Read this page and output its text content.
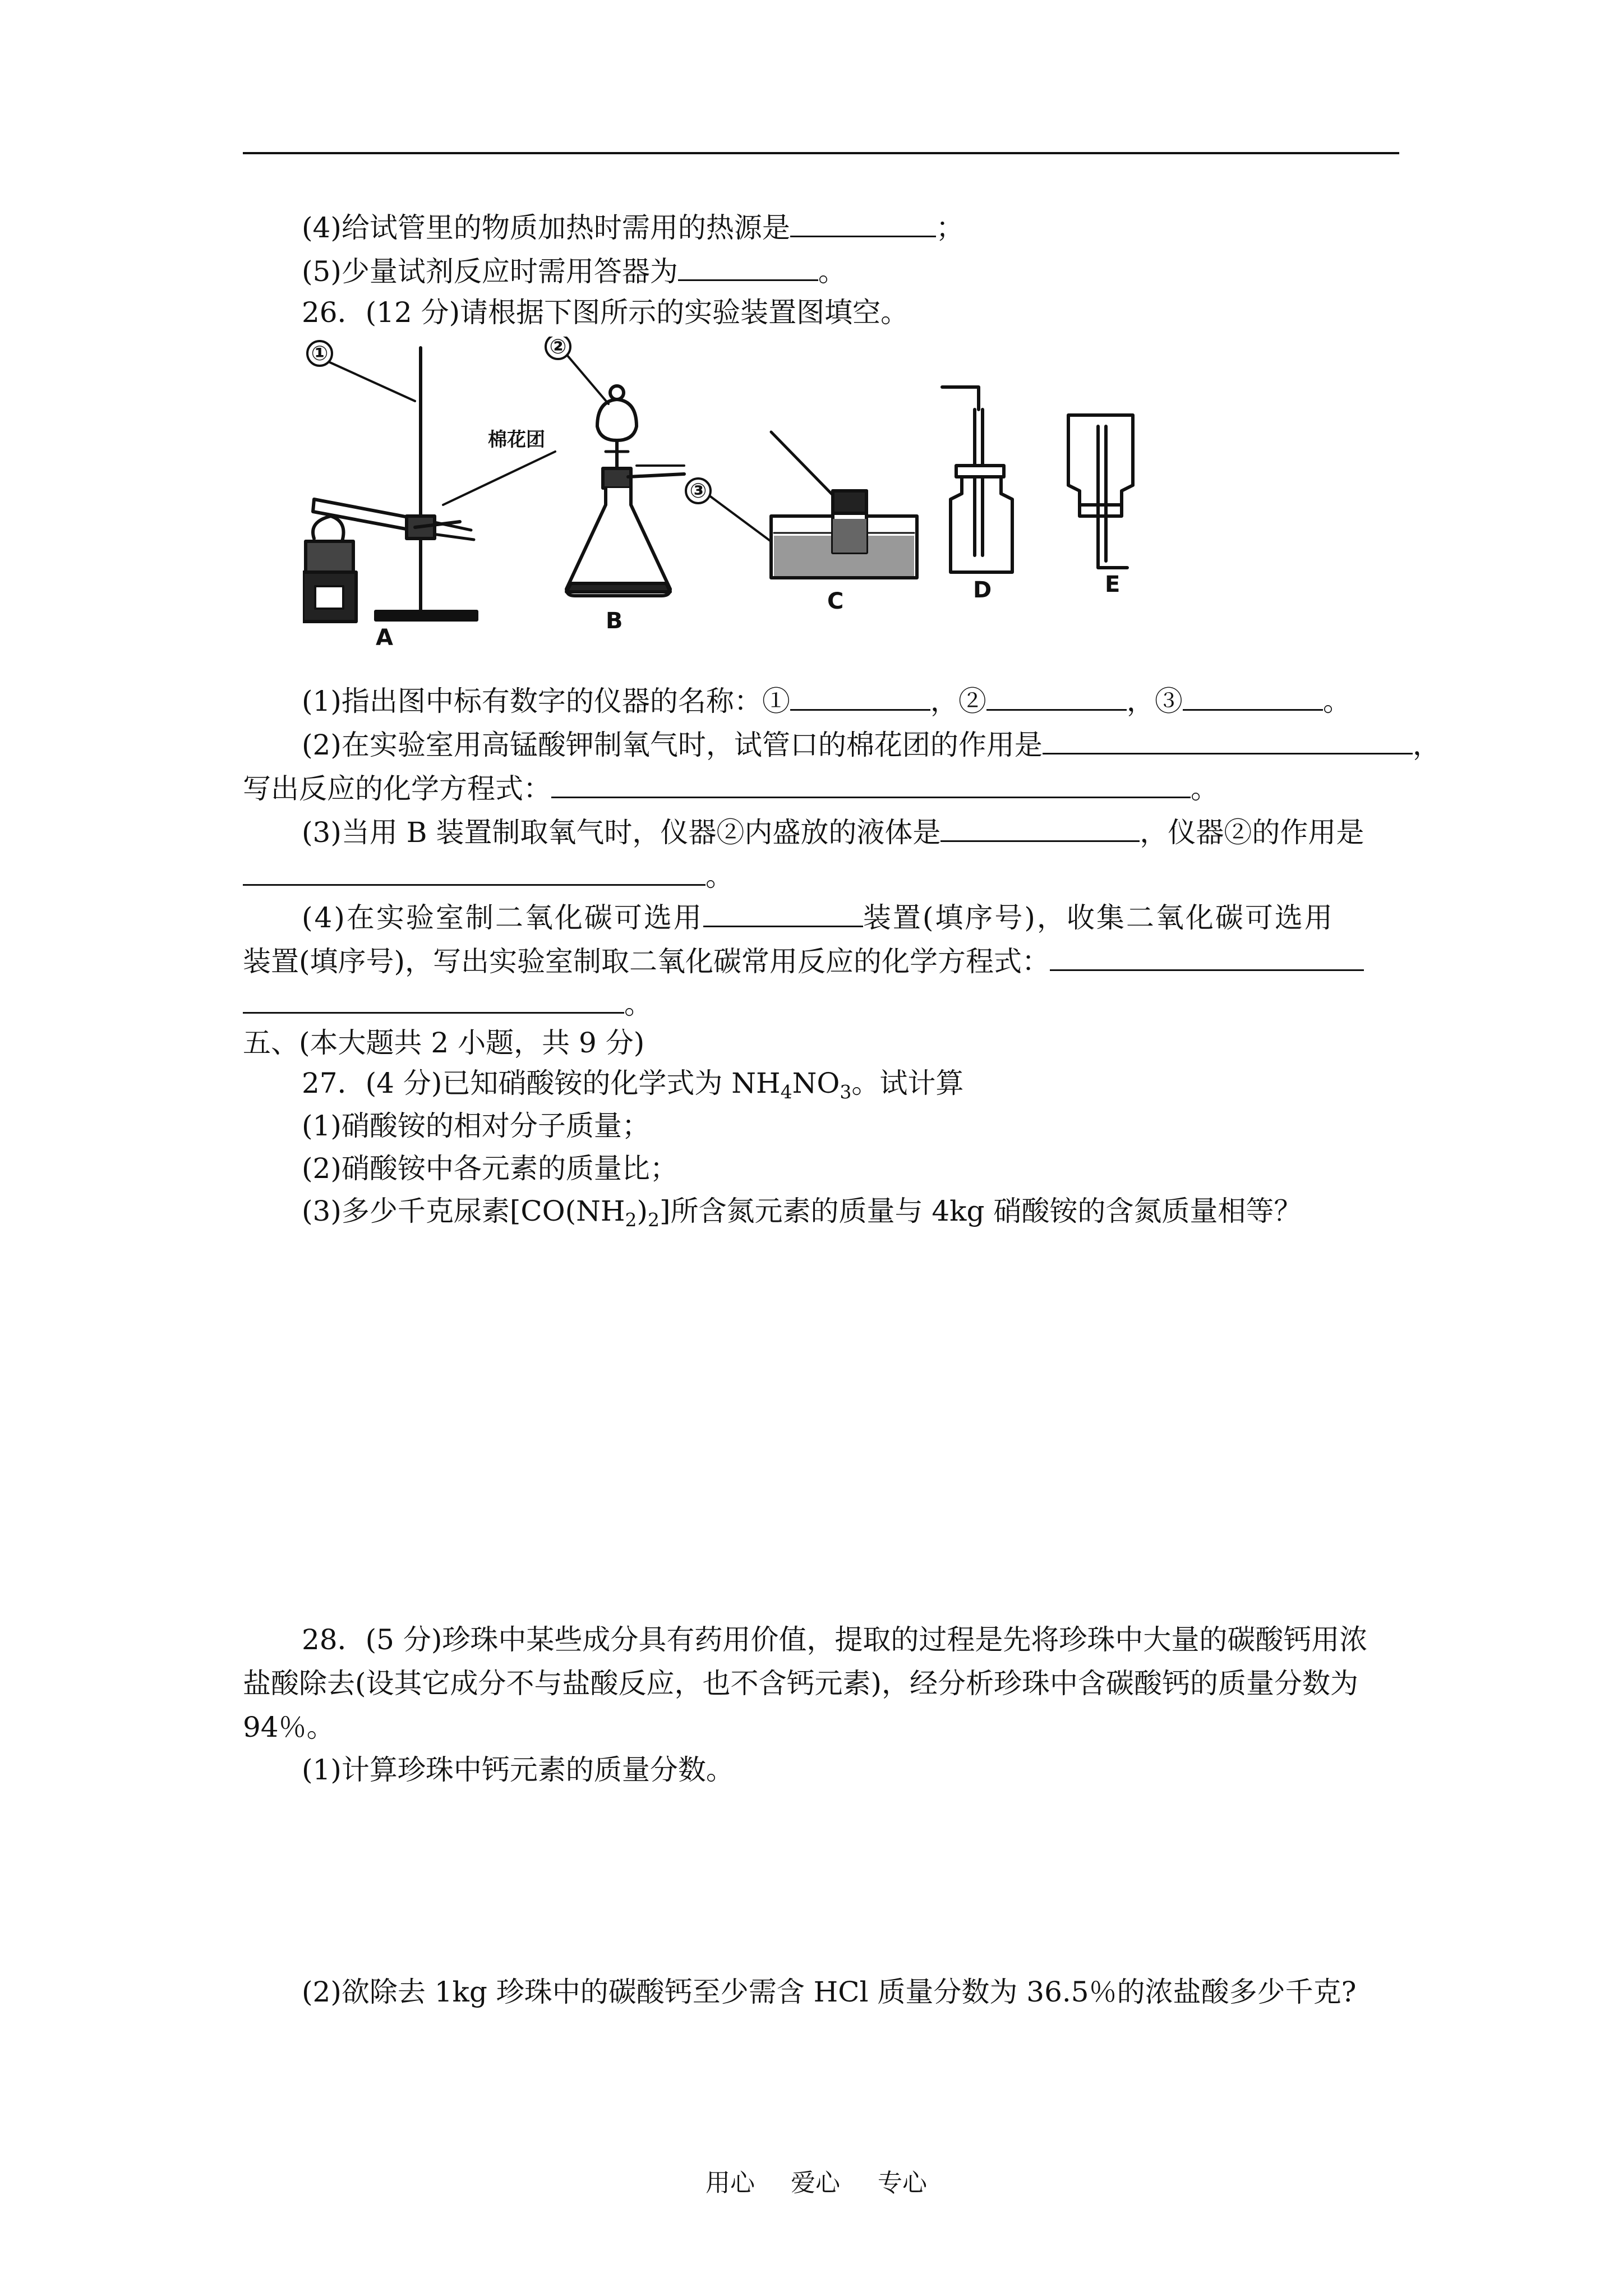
(4)给试管里的物质加热时需用的热源是	；
(5)少量试剂反应时需用答器为	。
26．(12 分)请根据下图所示的实验装置图填空。
①	②
③
棉花团
A
B
C	D	E
(1)指出图中标有数字的仪器的名称：①	，②	，③	。
(2)在实验室用高锰酸钾制氧气时，试管口的棉花团的作用是	，
写出反应的化学方程式：	。
(3)当用 B 装置制取氧气时，仪器②内盛放的液体是	，仪器②的作用是
。
(4)在实验室制二氧化碳可选用	装置(填序号)，收集二氧化碳可选用
装置(填序号)，写出实验室制取二氧化碳常用反应的化学方程式：
。
五、(本大题共 2 小题，共 9 分)
27．(4 分)已知硝酸铵的化学式为 $NH_4NO_3$。试计算
(1)硝酸铵的相对分子质量；
(2)硝酸铵中各元素的质量比；
(3)多少千克尿素$[CO(NH_2)_2]$所含氮元素的质量与 4kg 硝酸铵的含氮质量相等？
28．(5 分)珍珠中某些成分具有药用价值，提取的过程是先将珍珠中大量的碳酸钙用浓
盐酸除去(设其它成分不与盐酸反应，也不含钙元素)，经分析珍珠中含碳酸钙的质量分数为
94％。
(1)计算珍珠中钙元素的质量分数。
(2)欲除去 1kg 珍珠中的碳酸钙至少需含 HCl 质量分数为 36.5％的浓盐酸多少千克?
用心 爱心 专心
